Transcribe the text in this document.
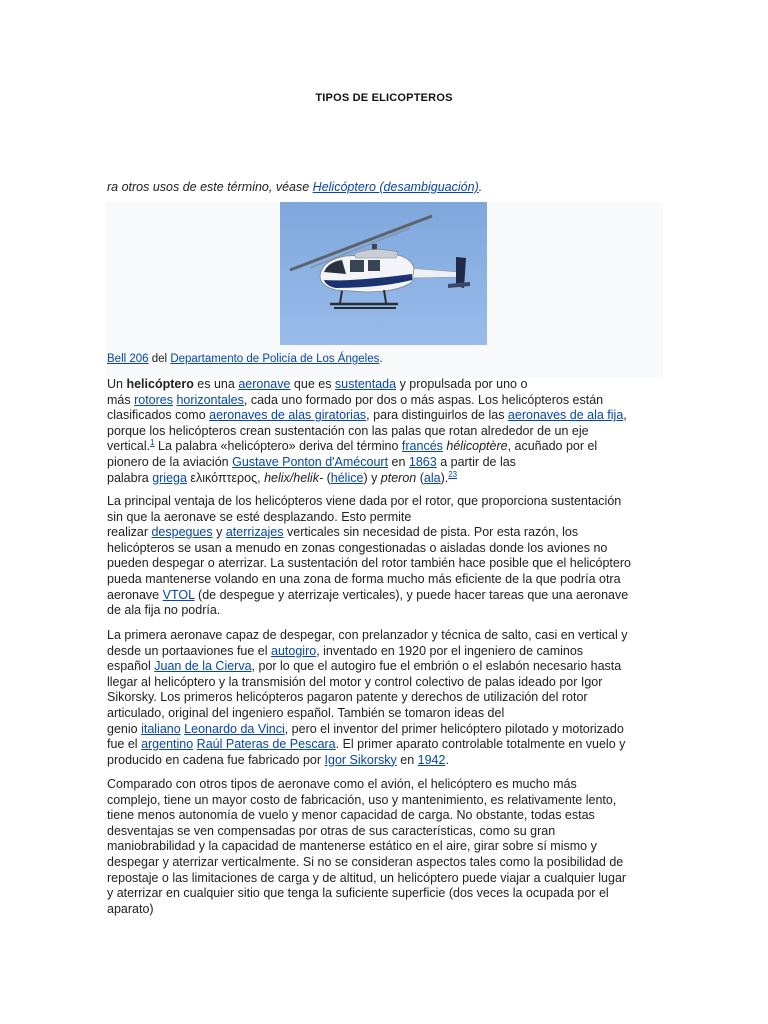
TIPOS DE ELICOPTEROS
ra otros usos de este término, véase Helicóptero (desambiguación).
Bell 206 del Departamento de Policía de Los Ángeles.

Un helicóptero es una aeronave que es sustentada y propulsada por uno o
más rotores horizontales, cada uno formado por dos o más aspas. Los helicópteros están
clasificados como aeronaves de alas giratorias, para distinguirlos de las aeronaves de ala fija,
porque los helicópteros crean sustentación con las palas que rotan alrededor de un eje
vertical.$^1$ La palabra «helicóptero» deriva del término francés hélicoptère, acuñado por el
pionero de la aviación Gustave Ponton d'Amécourt en 1863 a partir de las
palabra griega ελικόπτερος, helix/helik- (hélice) y pteron (ala).$^{23}$

La principal ventaja de los helicópteros viene dada por el rotor, que proporciona sustentación
sin que la aeronave se esté desplazando. Esto permite
realizar despegues y aterrizajes verticales sin necesidad de pista. Por esta razón, los
helicópteros se usan a menudo en zonas congestionadas o aisladas donde los aviones no
pueden despegar o aterrizar. La sustentación del rotor también hace posible que el helicóptero
pueda mantenerse volando en una zona de forma mucho más eficiente de la que podría otra
aeronave VTOL (de despegue y aterrizaje verticales), y puede hacer tareas que una aeronave
de ala fija no podría.

La primera aeronave capaz de despegar, con prelanzador y técnica de salto, casi en vertical y
desde un portaaviones fue el autogiro, inventado en 1920 por el ingeniero de caminos
español Juan de la Cierva, por lo que el autogiro fue el embrión o el eslabón necesario hasta
llegar al helicóptero y la transmisión del motor y control colectivo de palas ideado por Igor
Sikorsky. Los primeros helicópteros pagaron patente y derechos de utilización del rotor
articulado, original del ingeniero español. También se tomaron ideas del
genio italiano Leonardo da Vinci, pero el inventor del primer helicóptero pilotado y motorizado
fue el argentino Raúl Pateras de Pescara. El primer aparato controlable totalmente en vuelo y
producido en cadena fue fabricado por Igor Sikorsky en 1942.

Comparado con otros tipos de aeronave como el avión, el helicóptero es mucho más
complejo, tiene un mayor costo de fabricación, uso y mantenimiento, es relativamente lento,
tiene menos autonomía de vuelo y menor capacidad de carga. No obstante, todas estas
desventajas se ven compensadas por otras de sus características, como su gran
maniobrabilidad y la capacidad de mantenerse estático en el aire, girar sobre sí mismo y
despegar y aterrizar verticalmente. Si no se consideran aspectos tales como la posibilidad de
repostaje o las limitaciones de carga y de altitud, un helicóptero puede viajar a cualquier lugar
y aterrizar en cualquier sitio que tenga la suficiente superficie (dos veces la ocupada por el
aparato)
